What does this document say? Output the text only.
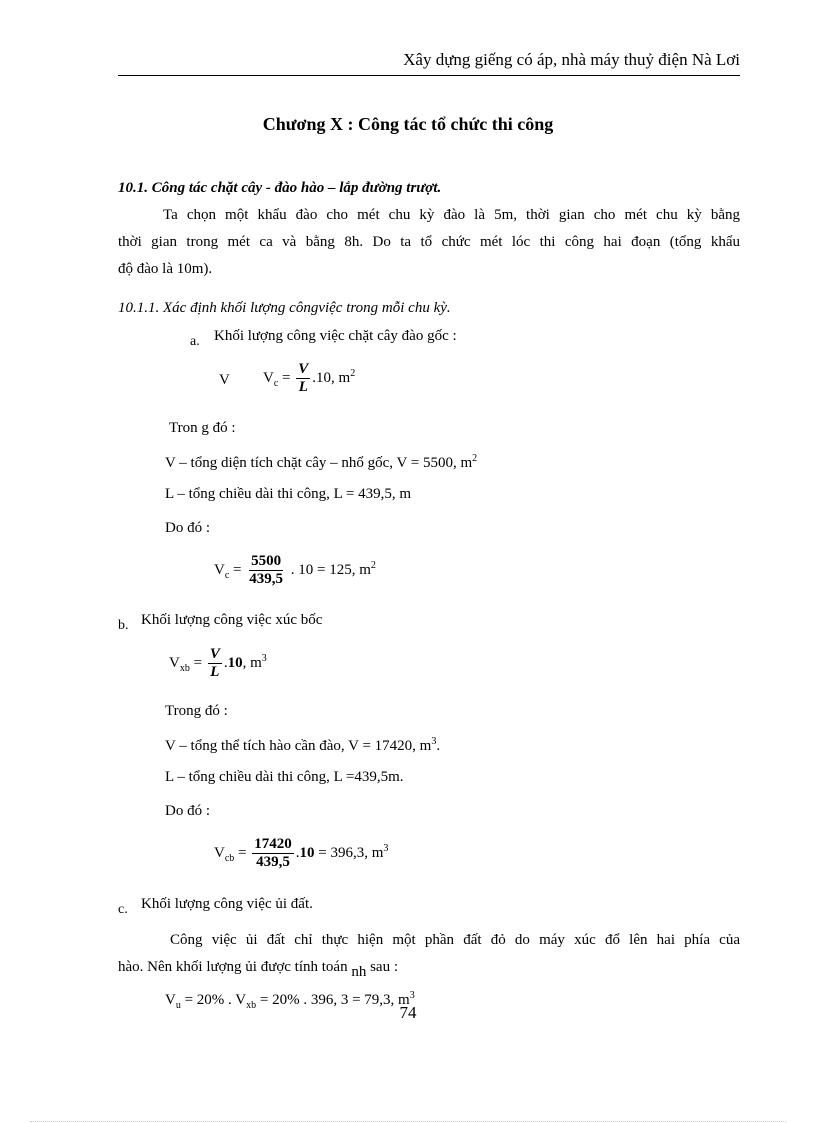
Xây dựng giếng có áp, nhà máy thuỷ điện Nà Lơi
Chương X : Công tác tổ chức thi công
10.1. Công tác chặt cây - đào hào – lắp đường trượt.
Ta chọn một khẩu đào cho mét chu kỳ đào là 5m, thời gian cho mét chu kỳ bằng
thời gian trong mét ca và bằng 8h. Do ta tổ chức mét lóc thi công hai đoạn (tổng khẩu
độ đào là 10m).
10.1.1. Xác định khối lượng côngviệc trong mỗi chu kỳ.
a. Khối lượng công việc chặt cây đào gốc :
V $V_c = \frac{V}{L} .10$, $m^2$
Tron g đó :
V – tổng diện tích chặt cây – nhổ gốc, V = 5500, $m^2$
L – tổng chiều dài thi công, L = 439,5, m
Do đó :
$V_c = \frac{5500}{439,5}$ . 10 = 125, $m^2$
b. Khối lượng công việc xúc bốc
$V_{xb} = \frac{V}{L} .10$, $m^3$
Trong đó :
V – tổng thể tích hào cần đào, V = 17420, $m^3$.
L – tổng chiều dài thi công, L =439,5m.
Do đó :
$V_{cb} = \frac{17420}{439,5} .10 = 396,3$, $m^3$
c. Khối lượng công việc ủi đất.
Công việc ủi đất chỉ thực hiện một phần đất đỏ do máy xúc đổ lên hai phía của
hào. Nên khối lượng ủi được tính toán nh sau :
$V_u = 20\%$ . $V_{xb} = 20\%$ . 396, 3 = 79,3, $m^3$
74
